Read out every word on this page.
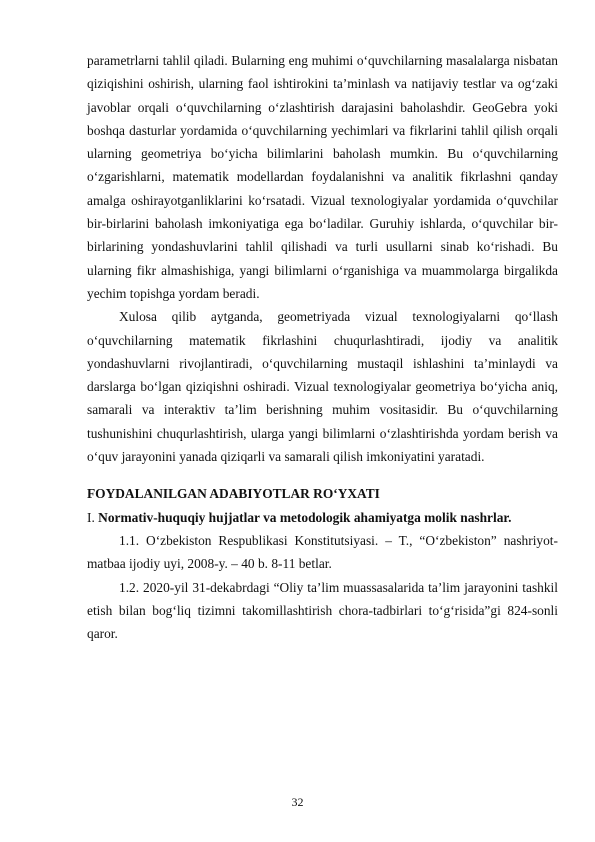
parametrlarni tahlil qiladi. Bularning eng muhimi o‘quvchilarning masalalarga nisbatan qiziqishini oshirish, ularning faol ishtirokini ta’minlash va natijaviy testlar va og‘zaki javoblar orqali o‘quvchilarning o‘zlashtirish darajasini baholashdir. GeoGebra yoki boshqa dasturlar yordamida o‘quvchilarning yechimlari va fikrlarini tahlil qilish orqali ularning geometriya bo‘yicha bilimlarini baholash mumkin. Bu o‘quvchilarning o‘zgarishlarni, matematik modellardan foydalanishni va analitik fikrlashni qanday amalga oshirayotganliklarini ko‘rsatadi. Vizual texnologiyalar yordamida o‘quvchilar bir-birlarini baholash imkoniyatiga ega bo‘ladilar. Guruhiy ishlarda, o‘quvchilar bir-birlarining yondashuvlarini tahlil qilishadi va turli usullarni sinab ko‘rishadi. Bu ularning fikr almashishiga, yangi bilimlarni o‘rganishiga va muammolarga birgalikda yechim topishga yordam beradi.

Xulosa qilib aytganda, geometriyada vizual texnologiyalarni qo‘llash o‘quvchilarning matematik fikrlashini chuqurlashtiradi, ijodiy va analitik yondashuvlarni rivojlantiradi, o‘quvchilarning mustaqil ishlashini ta’minlaydi va darslarga bo‘lgan qiziqishni oshiradi. Vizual texnologiyalar geometriya bo‘yicha aniq, samarali va interaktiv ta’lim berishning muhim vositasidir. Bu o‘quvchilarning tushunishini chuqurlashtirish, ularga yangi bilimlarni o‘zlashtirishda yordam berish va o‘quv jarayonini yanada qiziqarli va samarali qilish imkoniyatini yaratadi.

FOYDALANILGAN ADABIYOTLAR RO‘YXATI

I. Normativ-huquqiy hujjatlar va metodologik ahamiyatga molik nashrlar.

1.1. O‘zbekiston Respublikasi Konstitutsiyasi. – T., “O‘zbekiston” nashriyot-matbaa ijodiy uyi, 2008-y. – 40 b. 8-11 betlar.

1.2. 2020-yil 31-dekabrdagi “Oliy ta’lim muassasalarida ta’lim jarayonini tashkil etish bilan bog‘liq tizimni takomillashtirish chora-tadbirlari to‘g‘risida”gi 824-sonli qaror.

32
